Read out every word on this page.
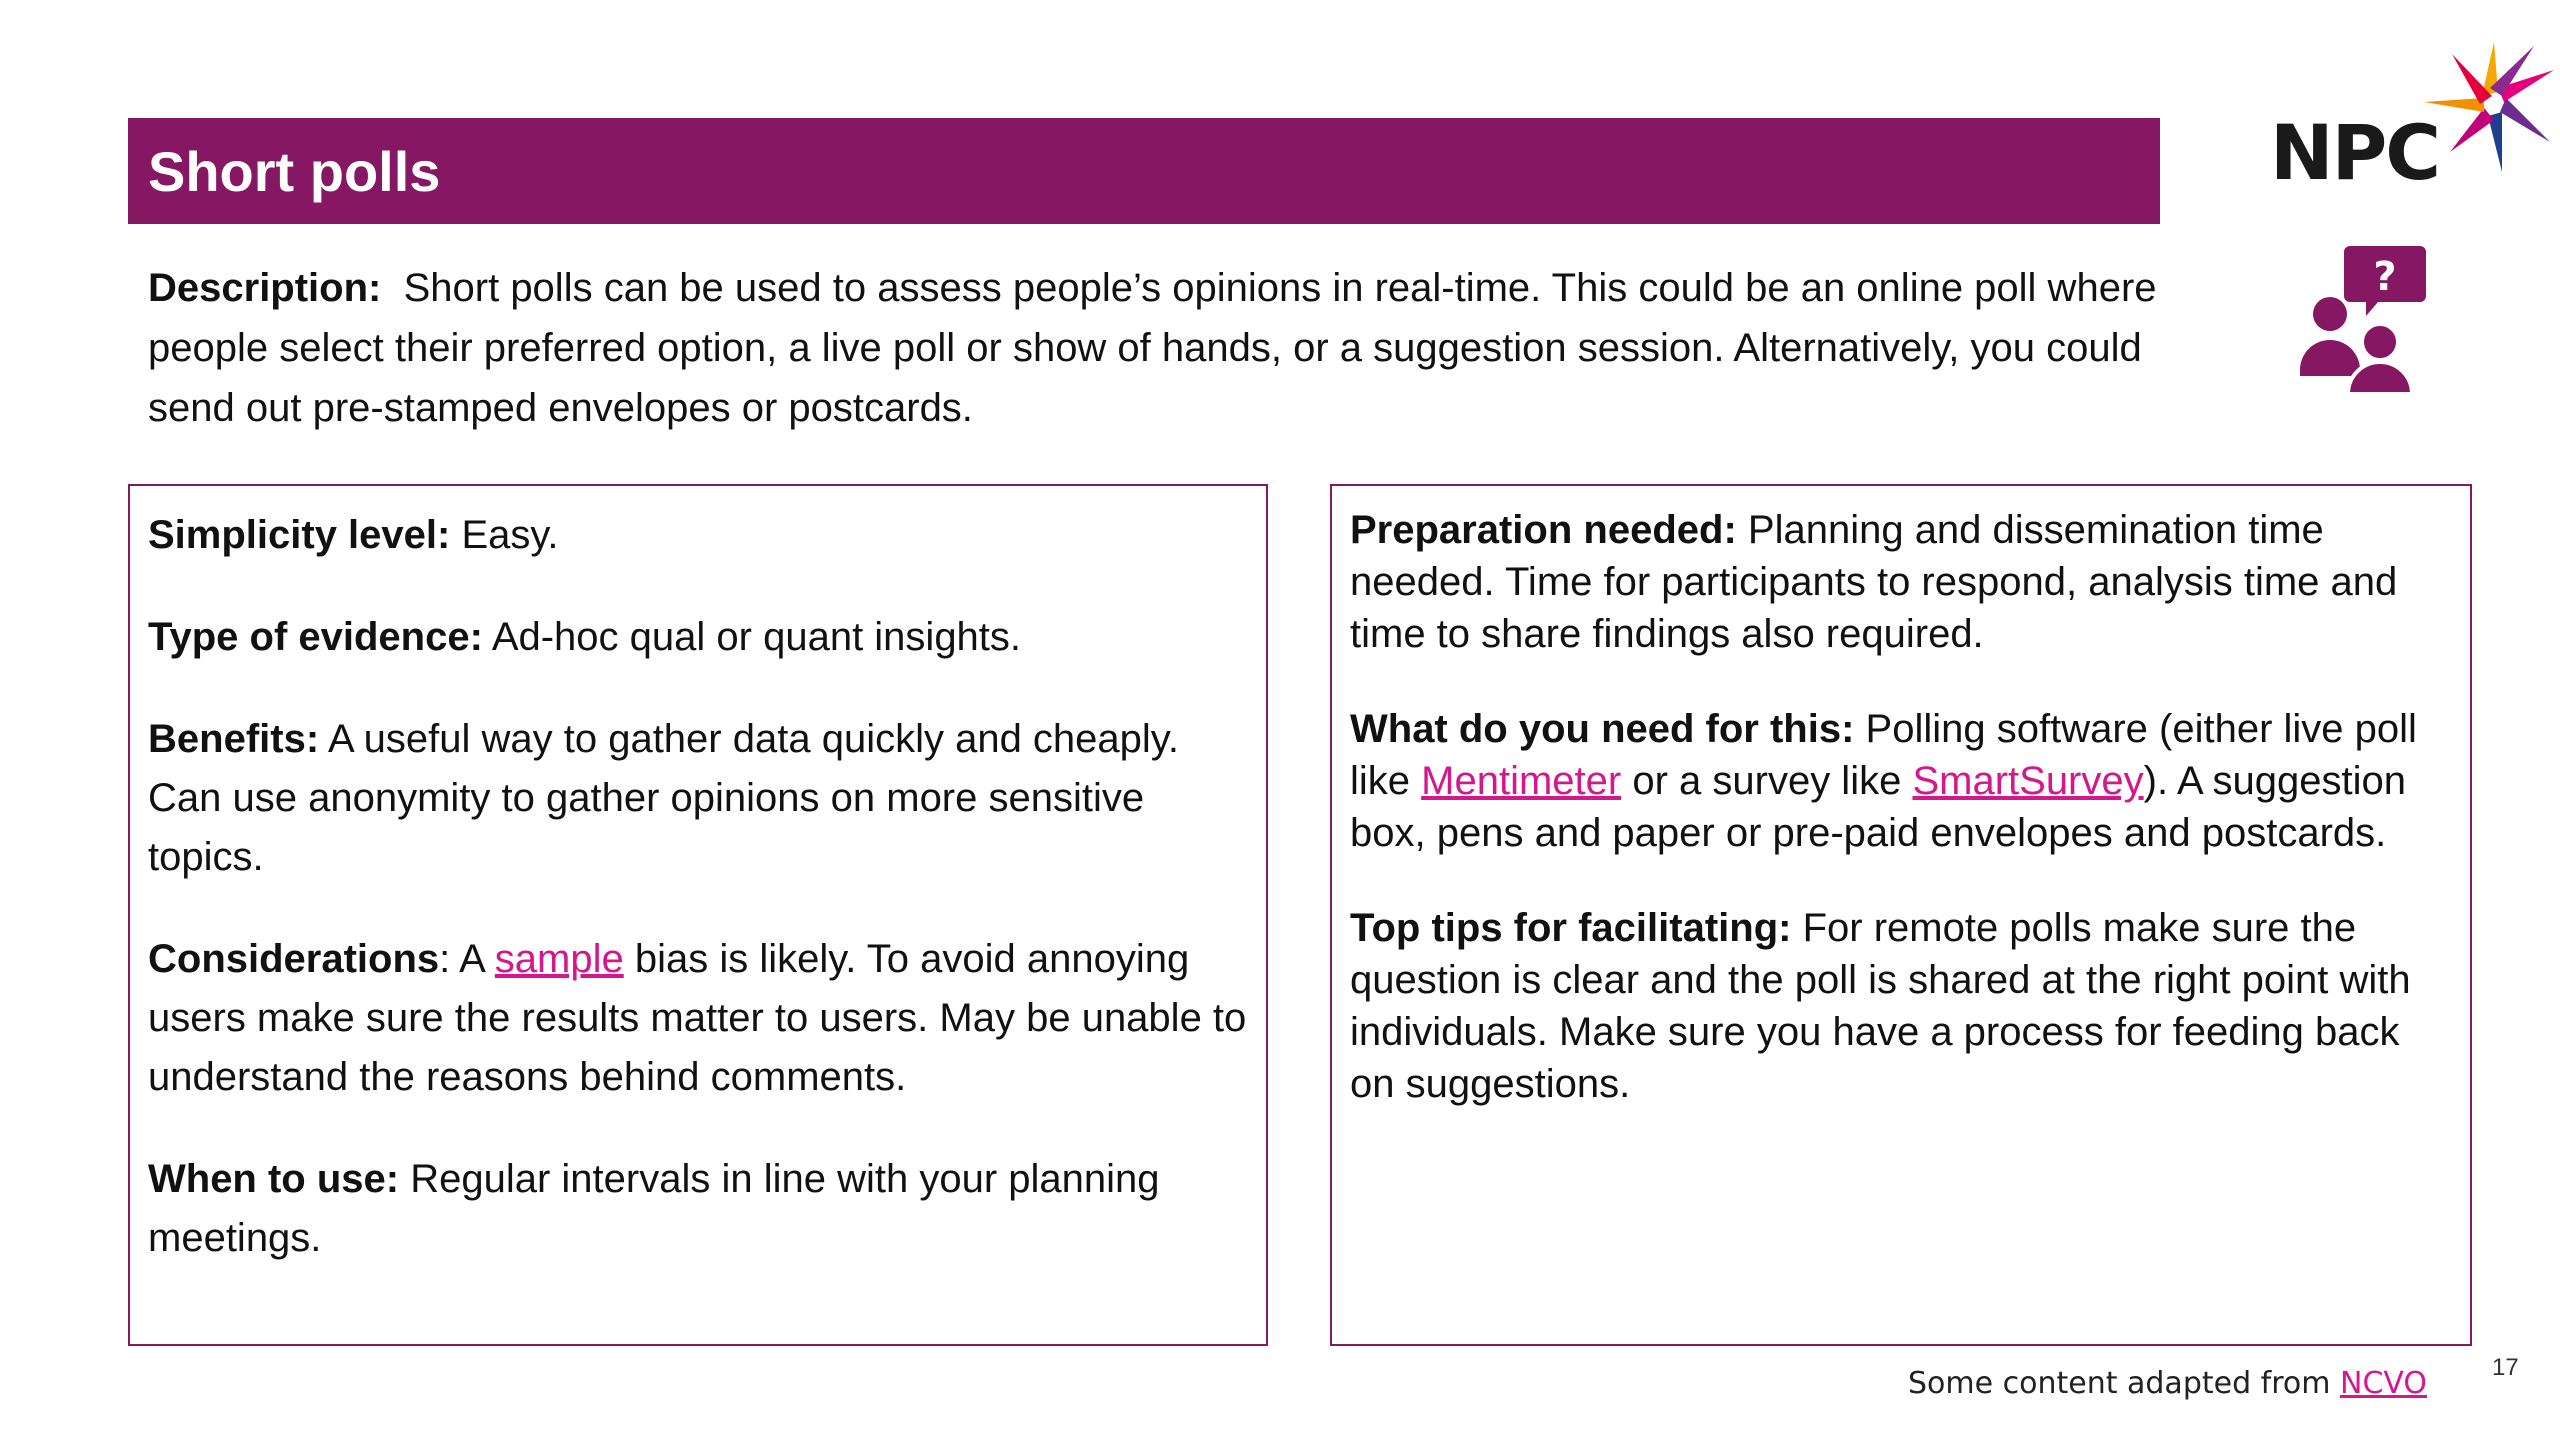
Short polls	NPC
?
Description: Short polls can be used to assess people’s opinions in real-time. This could be an online poll where people select their preferred option, a live poll or show of hands, or a suggestion session. Alternatively, you could send out pre-stamped envelopes or postcards.

Simplicity level: Easy.

Type of evidence: Ad-hoc qual or quant insights.

Benefits: A useful way to gather data quickly and cheaply. Can use anonymity to gather opinions on more sensitive topics.

Considerations: A sample bias is likely. To avoid annoying users make sure the results matter to users. May be unable to understand the reasons behind comments.

When to use: Regular intervals in line with your planning meetings.

Preparation needed: Planning and dissemination time needed. Time for participants to respond, analysis time and time to share findings also required.

What do you need for this: Polling software (either live poll like Mentimeter or a survey like SmartSurvey). A suggestion box, pens and paper or pre-paid envelopes and postcards.

Top tips for facilitating: For remote polls make sure the question is clear and the poll is shared at the right point with individuals. Make sure you have a process for feeding back on suggestions.

Some content adapted from NCVO	17
